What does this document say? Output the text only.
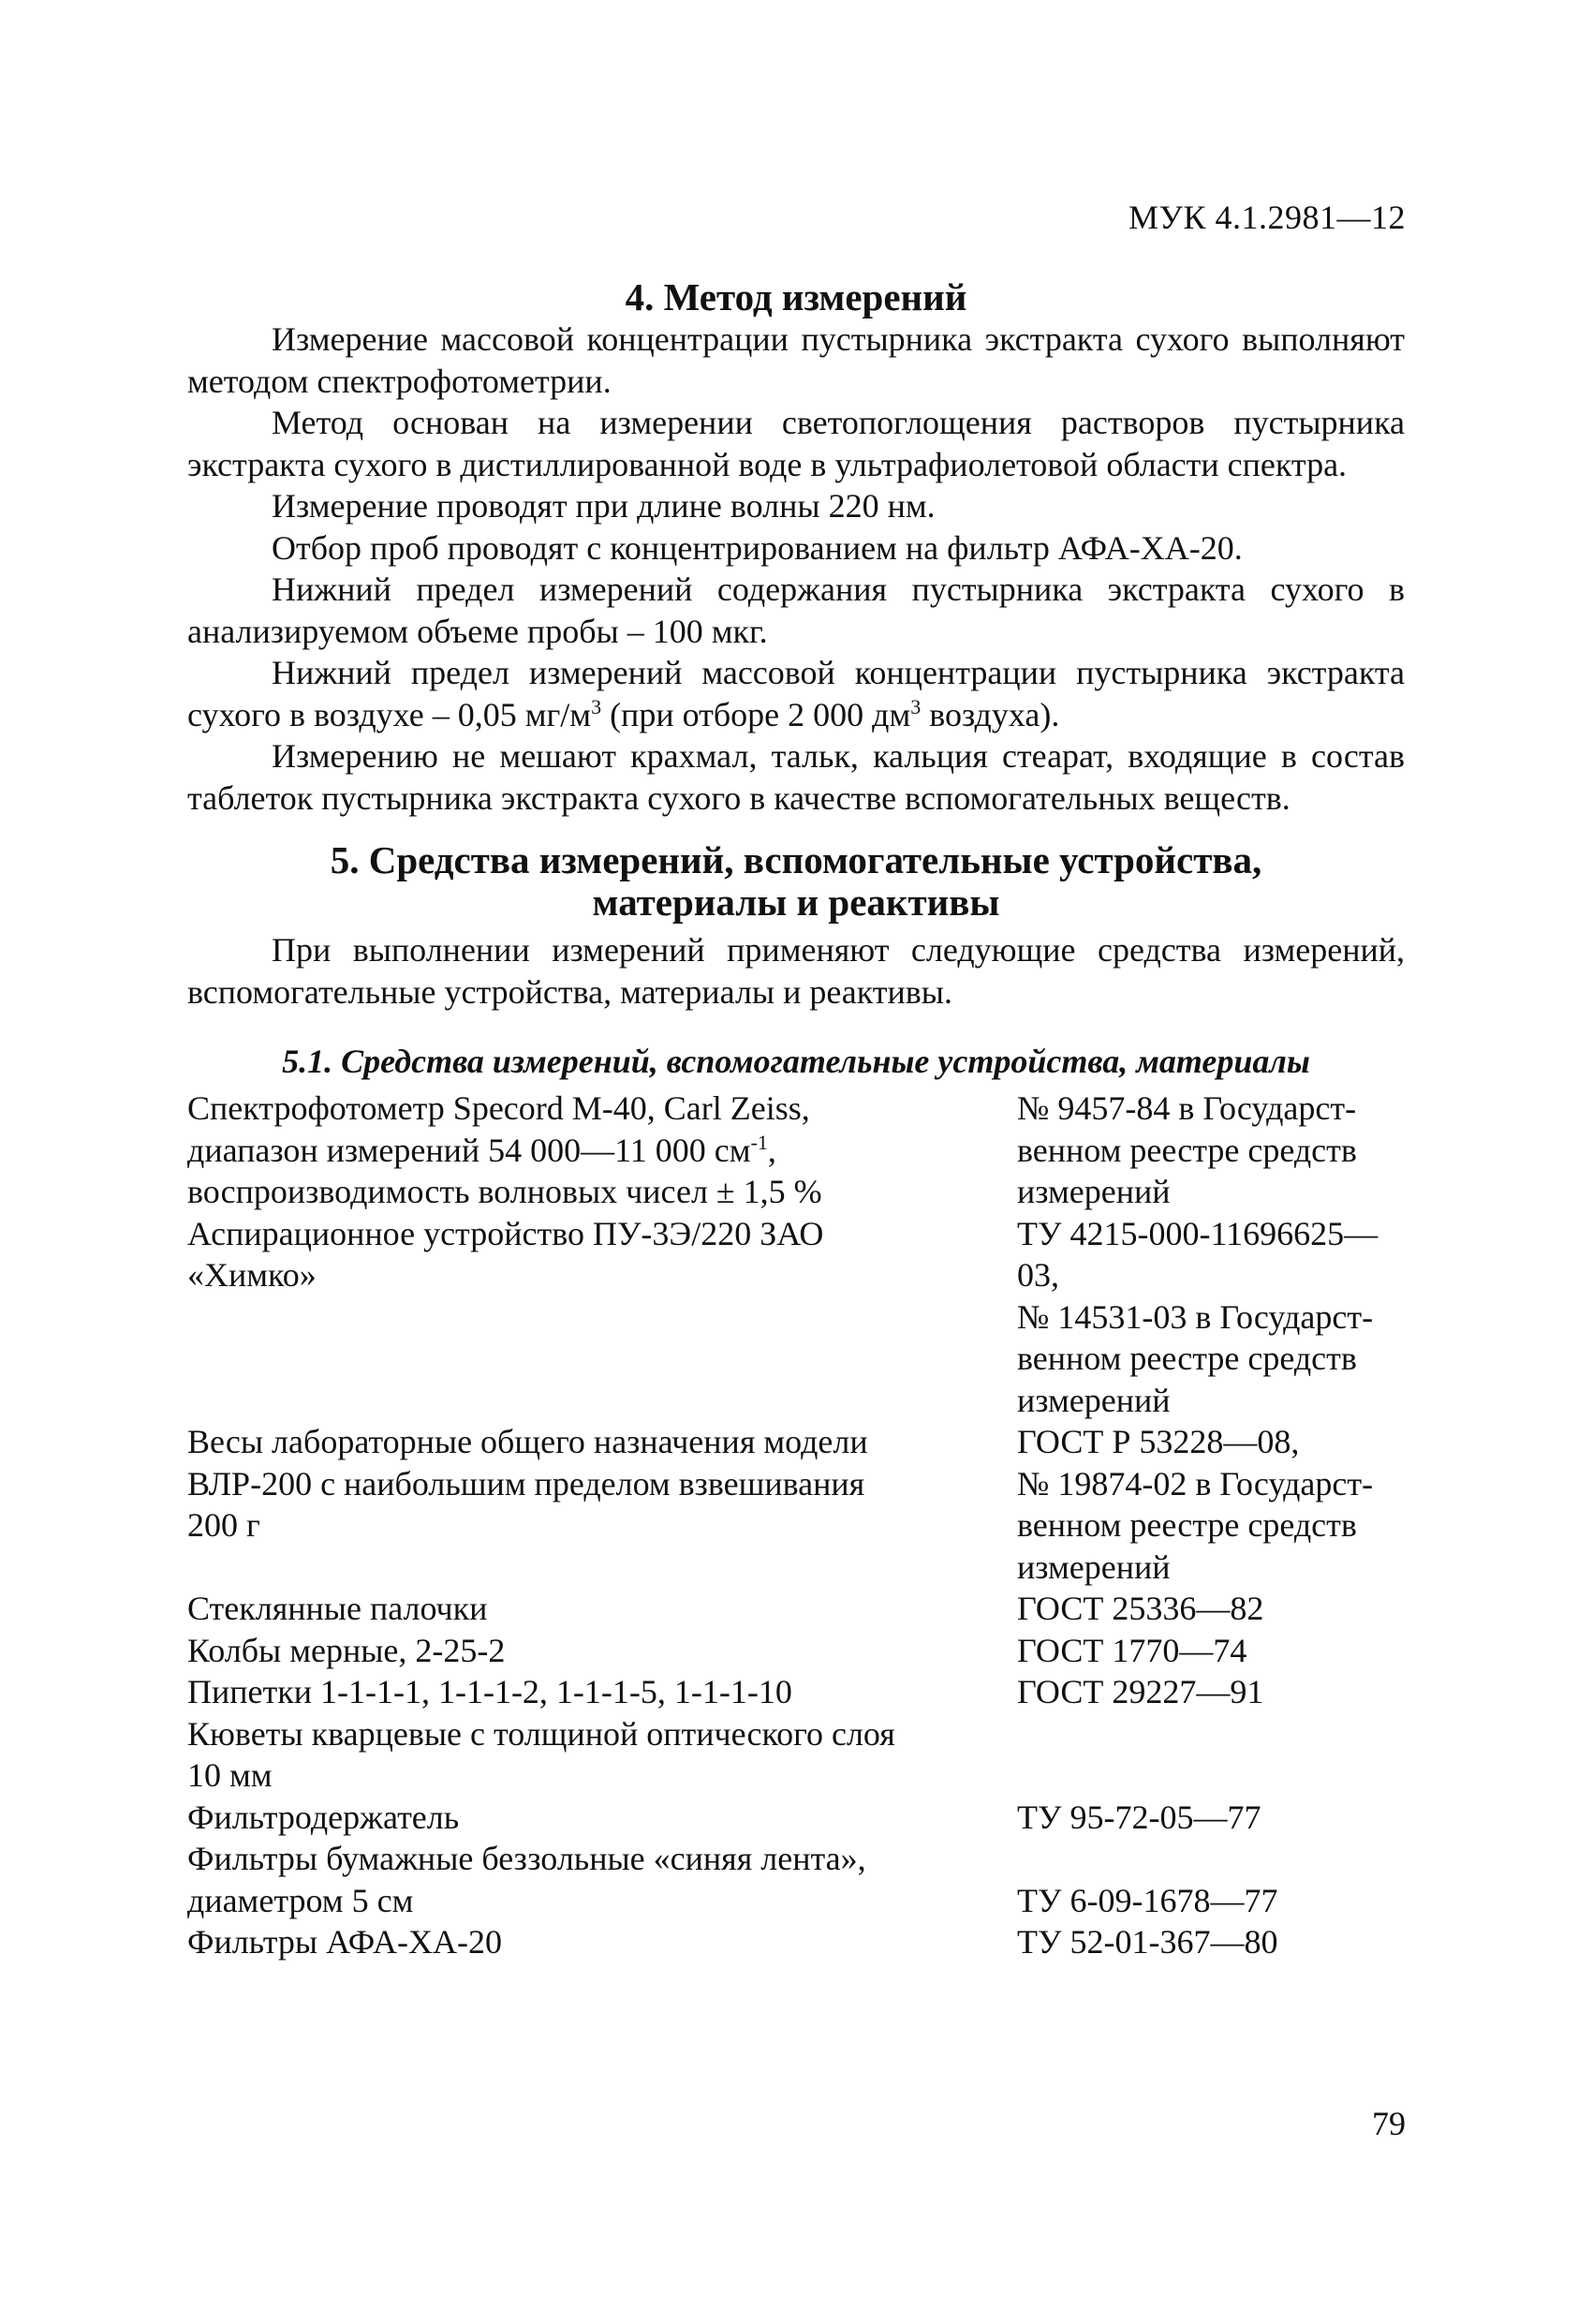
МУК 4.1.2981—12
4. Метод измерений

Измерение массовой концентрации пустырника экстракта сухого выполняют методом спектрофотометрии.

Метод основан на измерении светопоглощения растворов пустырника экстракта сухого в дистиллированной воде в ультрафиолетовой области спектра.

Измерение проводят при длине волны 220 нм.

Отбор проб проводят с концентрированием на фильтр АФА-ХА-20.

Нижний предел измерений содержания пустырника экстракта сухого в анализируемом объеме пробы – 100 мкг.

Нижний предел измерений массовой концентрации пустырника экстракта сухого в воздухе – 0,05 $мг/м^3$ (при отборе 2 000 $дм^3$ воздуха).

Измерению не мешают крахмал, тальк, кальция стеарат, входящие в состав таблеток пустырника экстракта сухого в качестве вспомогательных веществ.

5. Средства измерений, вспомогательные устройства,
материалы и реактивы

При выполнении измерений применяют следующие средства измерений, вспомогательные устройства, материалы и реактивы.

5.1. Средства измерений, вспомогательные устройства, материалы
Спектрофотометр Specord M-40, Carl Zeiss,
диапазон измерений 54 000—11 000 $см^{-1}$,
воспроизводимость волновых чисел ± 1,5 %	№ 9457-84 в Государст-
венном реестре средств
измерений
Аспирационное устройство ПУ-3Э/220 ЗАО
«Химко»	ТУ 4215-000-11696625—03,
№ 14531-03 в Государст-
венном реестре средств
измерений
Весы лабораторные общего назначения модели
ВЛР-200 с наибольшим пределом взвешивания
200 г	ГОСТ Р 53228—08,
№ 19874-02 в Государст-
венном реестре средств
измерений
Стеклянные палочки	ГОСТ 25336—82
Колбы мерные, 2-25-2	ГОСТ 1770—74
Пипетки 1-1-1-1, 1-1-1-2, 1-1-1-5, 1-1-1-10	ГОСТ 29227—91
Кюветы кварцевые с толщиной оптического слоя
10 мм	
Фильтродержатель	ТУ 95-72-05—77
Фильтры бумажные беззольные «синяя лента»,
диаметром 5 см	ТУ 6-09-1678—77
Фильтры АФА-ХА-20	ТУ 52-01-367—80
79
